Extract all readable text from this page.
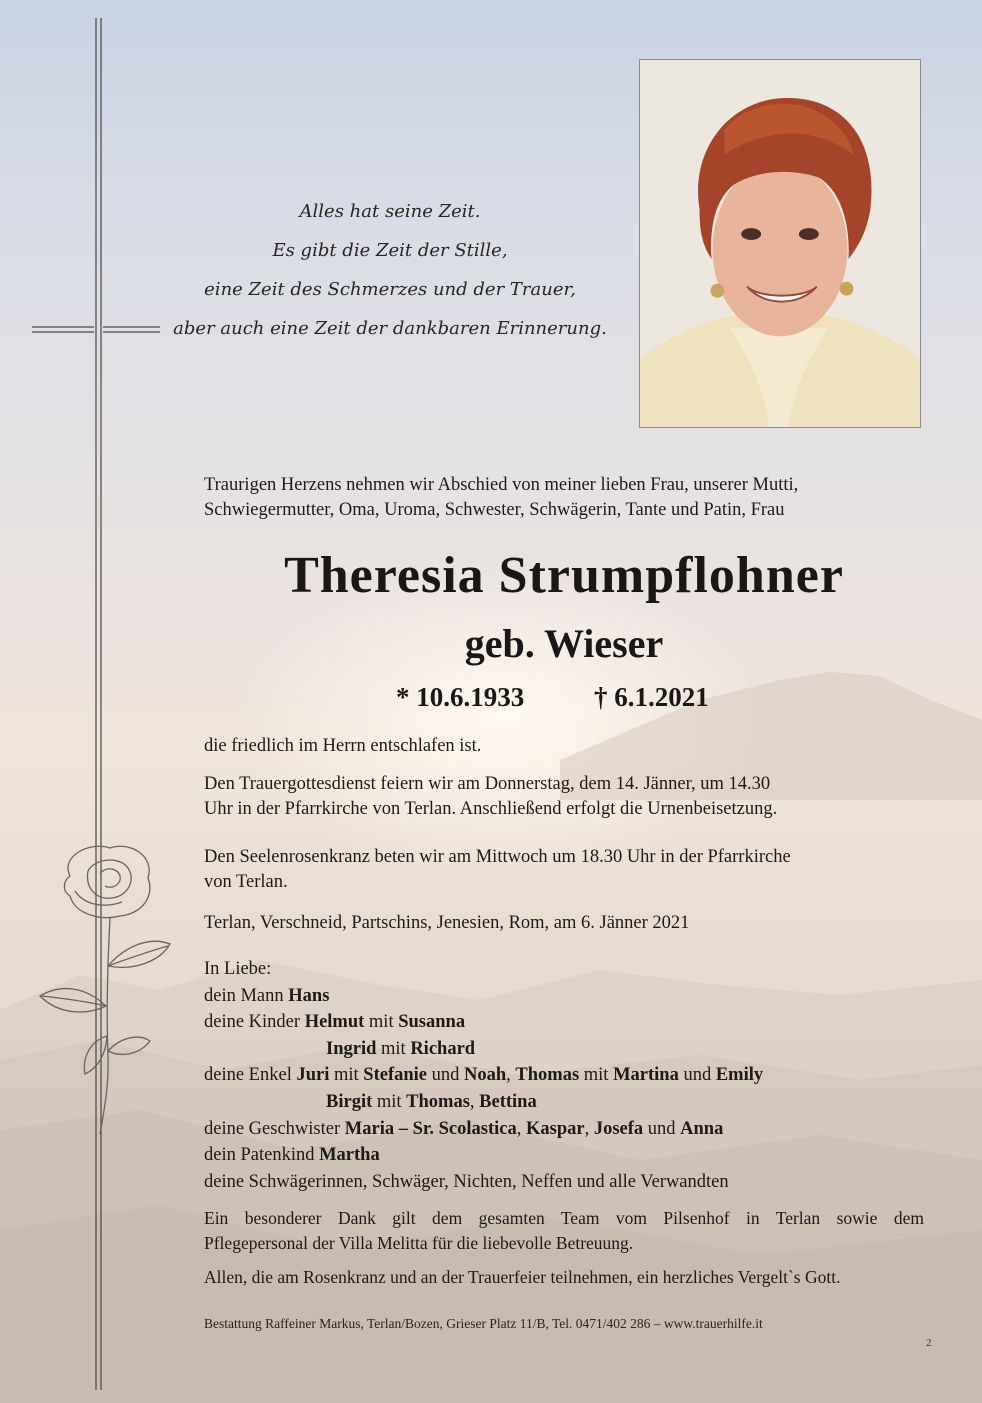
Alles hat seine Zeit.
Es gibt die Zeit der Stille,
eine Zeit des Schmerzes und der Trauer,
aber auch eine Zeit der dankbaren Erinnerung.
Traurigen Herzens nehmen wir Abschied von meiner lieben Frau, unserer Mutti,
Schwiegermutter, Oma, Uroma, Schwester, Schwägerin, Tante und Patin, Frau
Theresia Strumpflohner
geb. Wieser
* 10.6.1933	† 6.1.2021
die friedlich im Herrn entschlafen ist.
Den Trauergottesdienst feiern wir am Donnerstag, dem 14. Jänner, um 14.30
Uhr in der Pfarrkirche von Terlan. Anschließend erfolgt die Urnenbeisetzung.
Den Seelenrosenkranz beten wir am Mittwoch um 18.30 Uhr in der Pfarrkirche
von Terlan.
Terlan, Verschneid, Partschins, Jenesien, Rom, am 6. Jänner 2021
In Liebe:
dein Mann Hans
deine Kinder Helmut mit Susanna
Ingrid mit Richard
deine Enkel Juri mit Stefanie und Noah, Thomas mit Martina und Emily
Birgit mit Thomas, Bettina
deine Geschwister Maria – Sr. Scolastica, Kaspar, Josefa und Anna
dein Patenkind Martha
deine Schwägerinnen, Schwäger, Nichten, Neffen und alle Verwandten
Ein besonderer Dank gilt dem gesamten Team vom Pilsenhof in Terlan sowie dem
Pflegepersonal der Villa Melitta für die liebevolle Betreuung.
Allen, die am Rosenkranz und an der Trauerfeier teilnehmen, ein herzliches Vergelt`s Gott.
Bestattung Raffeiner Markus, Terlan/Bozen, Grieser Platz 11/B, Tel. 0471/402 286 – www.trauerhilfe.it
2
